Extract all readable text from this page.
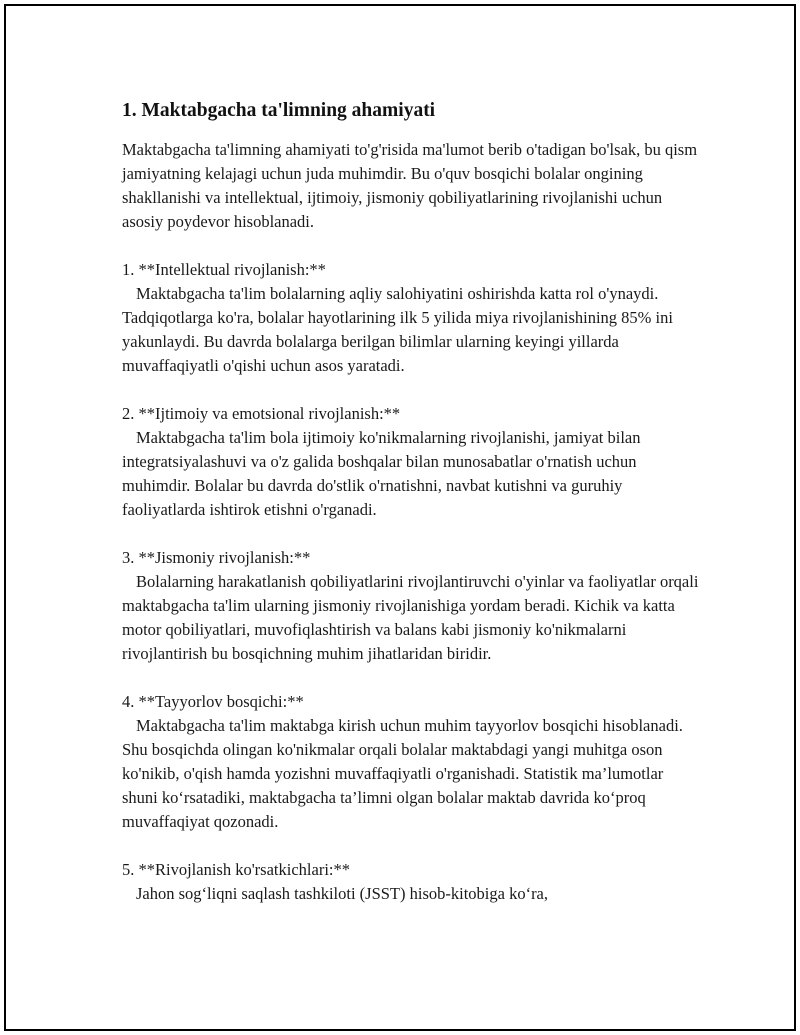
1. Maktabgacha ta'limning ahamiyati

Maktabgacha ta'limning ahamiyati to'g'risida ma'lumot berib o'tadigan bo'lsak, bu qism jamiyatning kelajagi uchun juda muhimdir. Bu o'quv bosqichi bolalar ongining shakllanishi va intellektual, ijtimoiy, jismoniy qobiliyatlarining rivojlanishi uchun asosiy poydevor hisoblanadi.

1. **Intellektual rivojlanish:**

Maktabgacha ta'lim bolalarning aqliy salohiyatini oshirishda katta rol o'ynaydi. Tadqiqotlarga ko'ra, bolalar hayotlarining ilk 5 yilida miya rivojlanishining 85% ini yakunlaydi. Bu davrda bolalarga berilgan bilimlar ularning keyingi yillarda muvaffaqiyatli o'qishi uchun asos yaratadi.

2. **Ijtimoiy va emotsional rivojlanish:**

Maktabgacha ta'lim bola ijtimoiy ko'nikmalarning rivojlanishi, jamiyat bilan integratsiyalashuvi va o'z galida boshqalar bilan munosabatlar o'rnatish uchun muhimdir. Bolalar bu davrda do'stlik o'rnatishni, navbat kutishni va guruhiy faoliyatlarda ishtirok etishni o'rganadi.

3. **Jismoniy rivojlanish:**

Bolalarning harakatlanish qobiliyatlarini rivojlantiruvchi o'yinlar va faoliyatlar orqali maktabgacha ta'lim ularning jismoniy rivojlanishiga yordam beradi. Kichik va katta motor qobiliyatlari, muvofiqlashtirish va balans kabi jismoniy ko'nikmalarni rivojlantirish bu bosqichning muhim jihatlaridan biridir.

4. **Tayyorlov bosqichi:**

Maktabgacha ta'lim maktabga kirish uchun muhim tayyorlov bosqichi hisoblanadi. Shu bosqichda olingan ko'nikmalar orqali bolalar maktabdagi yangi muhitga oson ko'nikib, o'qish hamda yozishni muvaffaqiyatli o'rganishadi. Statistik ma’lumotlar shuni ko‘rsatadiki, maktabgacha ta’limni olgan bolalar maktab davrida ko‘proq muvaffaqiyat qozonadi.

5. **Rivojlanish ko'rsatkichlari:**

Jahon sog‘liqni saqlash tashkiloti (JSST) hisob-kitobiga ko‘ra,
